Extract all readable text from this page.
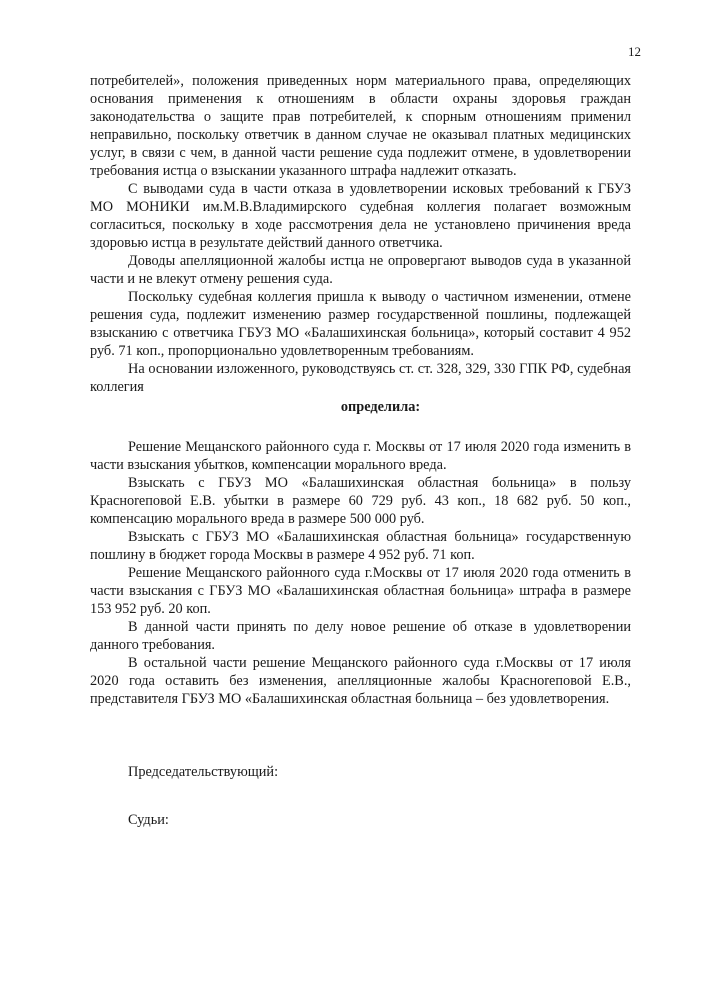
12

потребителей», положения приведенных норм материального права, определяющих основания применения к отношениям в области охраны здоровья граждан законодательства о защите прав потребителей, к спорным отношениям применил неправильно, поскольку ответчик в данном случае не оказывал платных медицинских услуг, в связи с чем, в данной части решение суда подлежит отмене, в удовлетворении требования истца о взыскании указанного штрафа надлежит отказать.

С выводами суда в части отказа в удовлетворении исковых требований к ГБУЗ МО МОНИКИ им.М.В.Владимирского судебная коллегия полагает возможным согласиться, поскольку в ходе рассмотрения дела не установлено причинения вреда здоровью истца в результате действий данного ответчика.

Доводы апелляционной жалобы истца не опровергают выводов суда в указанной части и не влекут отмену решения суда.

Поскольку судебная коллегия пришла к выводу о частичном изменении, отмене решения суда, подлежит изменению размер государственной пошлины, подлежащей взысканию с ответчика ГБУЗ МО «Балашихинская больница», который составит 4 952 руб. 71 коп., пропорционально удовлетворенным требованиям.

На основании изложенного, руководствуясь ст. ст. 328, 329, 330 ГПК РФ, судебная коллегия

определила:

Решение Мещанского районного суда г. Москвы от 17 июля 2020 года изменить в части взыскания убытков, компенсации морального вреда.

Взыскать с ГБУЗ МО «Балашихинская областная больница» в пользу Красноreповой Е.В. убытки в размере 60 729 руб. 43 коп., 18 682 руб. 50 коп., компенсацию морального вреда в размере 500 000 руб.

Взыскать с ГБУЗ МО «Балашихинская областная больница» государственную пошлину в бюджет города Москвы в размере 4 952 руб. 71 коп.

Решение Мещанского районного суда г.Москвы от 17 июля 2020 года отменить в части взыскания с ГБУЗ МО «Балашихинская областная больница» штрафа в размере 153 952 руб. 20 коп.

В данной части принять по делу новое решение об отказе в удовлетворении данного требования.

В остальной части решение Мещанского районного суда г.Москвы от 17 июля 2020 года оставить без изменения, апелляционные жалобы Красноreповой Е.В., представителя ГБУЗ МО «Балашихинская областная больница – без удовлетворения.

Председательствующий:
Судьи:
